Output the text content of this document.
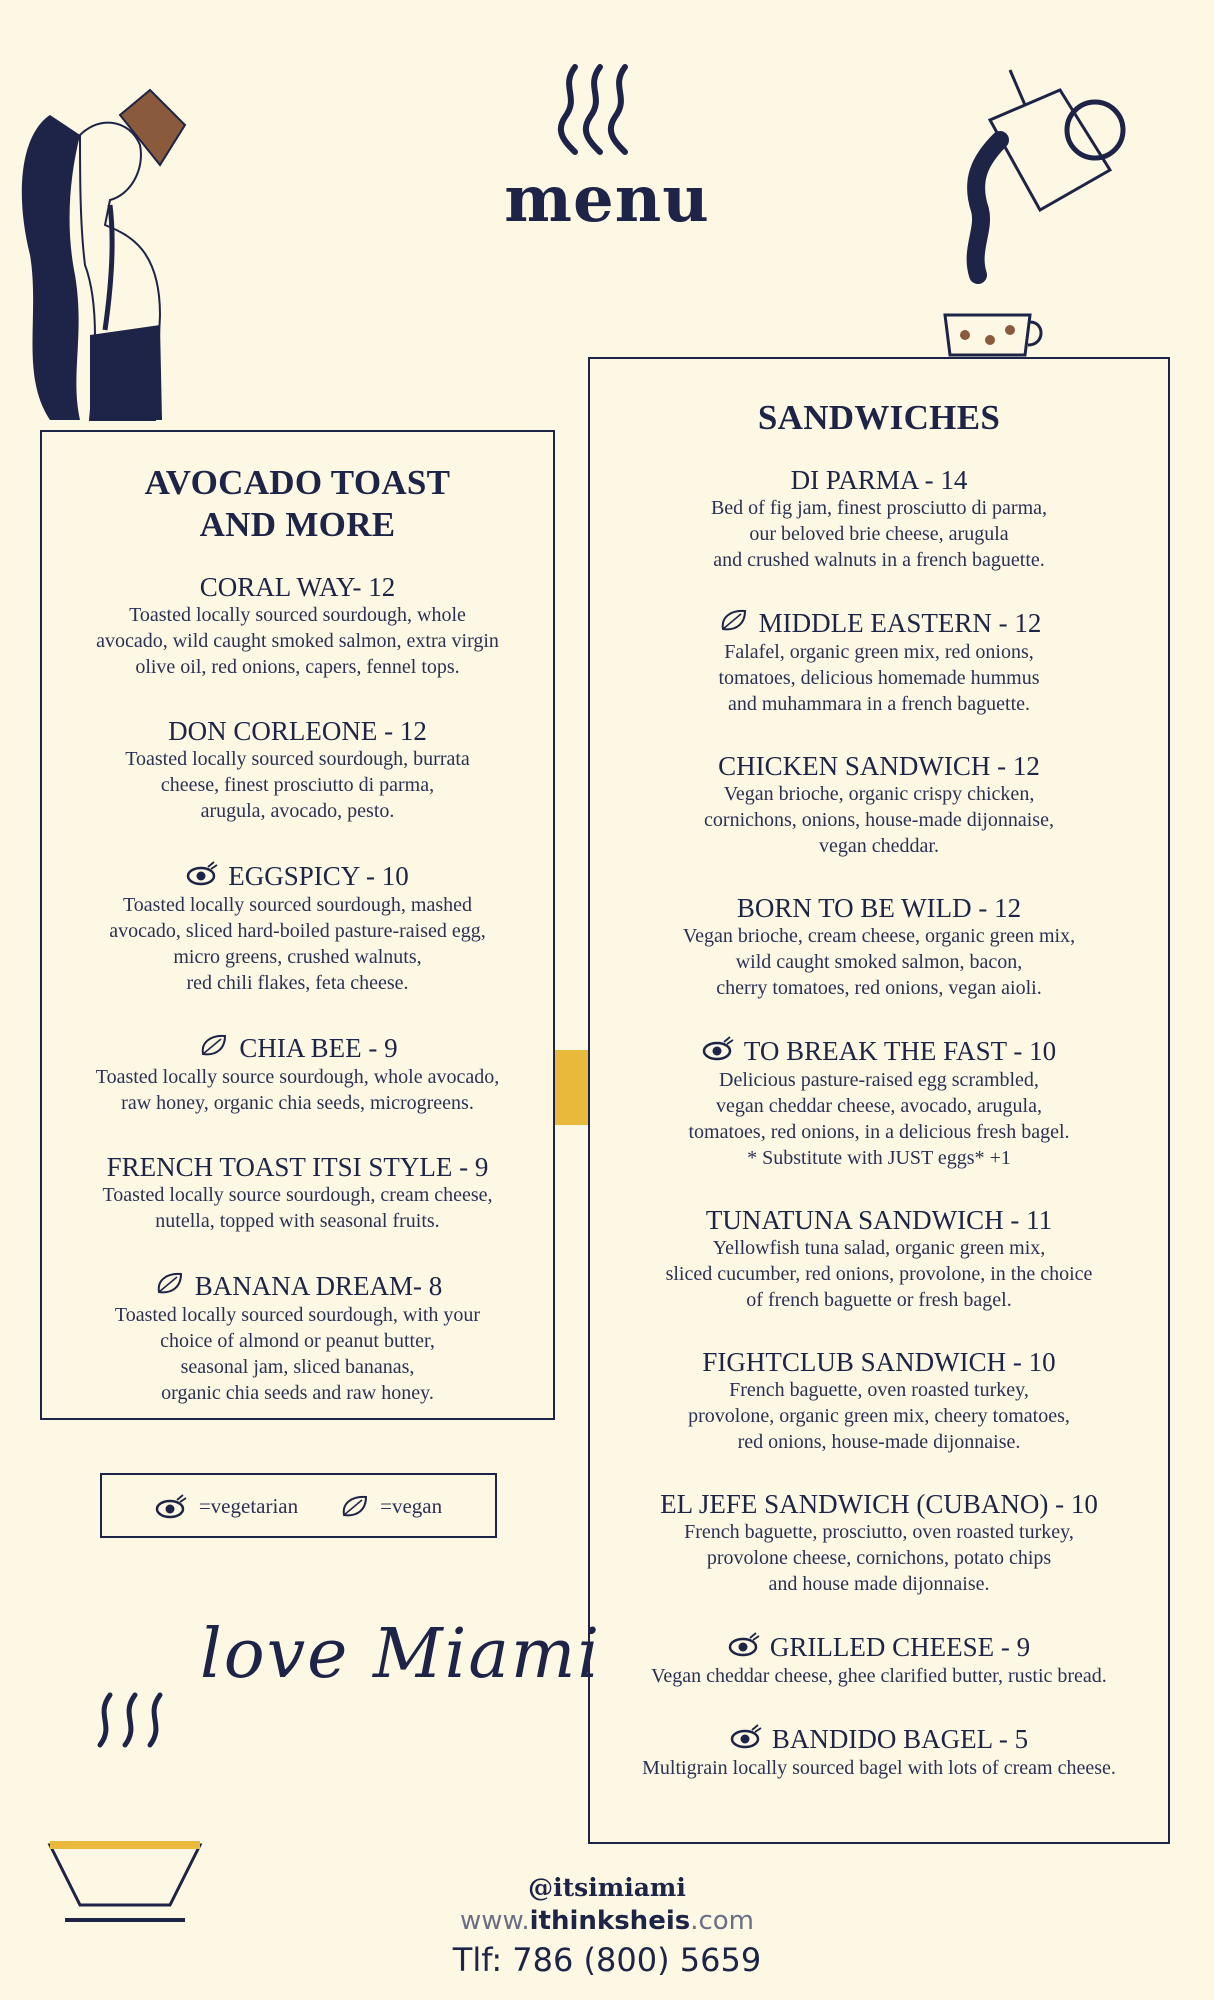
menu

AVOCADO TOAST

AND MORE

CORAL WAY- 12

Toasted locally sourced sourdough, whole

avocado, wild caught smoked salmon, extra virgin

olive oil, red onions, capers, fennel tops.

DON CORLEONE - 12

Toasted locally sourced sourdough, burrata

cheese, finest prosciutto di parma,

arugula, avocado, pesto.

EGGSPICY - 10

Toasted locally sourced sourdough, mashed

avocado, sliced hard-boiled pasture-raised egg,

micro greens, crushed walnuts,

red chili flakes, feta cheese.

CHIA BEE - 9

Toasted locally source sourdough, whole avocado,

raw honey, organic chia seeds, microgreens.

FRENCH TOAST ITSI STYLE - 9

Toasted locally source sourdough, cream cheese,

nutella, topped with seasonal fruits.

BANANA DREAM- 8

Toasted locally sourced sourdough, with your

choice of almond or peanut butter,

seasonal jam, sliced bananas,

organic chia seeds and raw honey.

=vegetarian	=vegan
love Miami

SANDWICHES

DI PARMA - 14

Bed of fig jam, finest prosciutto di parma,

our beloved brie cheese, arugula

and crushed walnuts in a french baguette.

MIDDLE EASTERN - 12

Falafel, organic green mix, red onions,

tomatoes, delicious homemade hummus

and muhammara in a french baguette.

CHICKEN SANDWICH - 12

Vegan brioche, organic crispy chicken,

cornichons, onions, house-made dijonnaise,

vegan cheddar.

BORN TO BE WILD - 12

Vegan brioche, cream cheese, organic green mix,

wild caught smoked salmon, bacon,

cherry tomatoes, red onions, vegan aioli.

TO BREAK THE FAST - 10

Delicious pasture-raised egg scrambled,

vegan cheddar cheese, avocado, arugula,

tomatoes, red onions, in a delicious fresh bagel.

* Substitute with JUST eggs* +1

TUNATUNA SANDWICH - 11

Yellowfish tuna salad, organic green mix,

sliced cucumber, red onions, provolone, in the choice

of french baguette or fresh bagel.

FIGHTCLUB SANDWICH - 10

French baguette, oven roasted turkey,

provolone, organic green mix, cheery tomatoes,

red onions, house-made dijonnaise.

EL JEFE SANDWICH (CUBANO) - 10

French baguette, prosciutto, oven roasted turkey,

provolone cheese, cornichons, potato chips

and house made dijonnaise.

GRILLED CHEESE - 9

Vegan cheddar cheese, ghee clarified butter, rustic bread.

BANDIDO BAGEL - 5

Multigrain locally sourced bagel with lots of cream cheese.

@itsimiami
www.ithinksheis.com
Tlf: 786 (800) 5659
